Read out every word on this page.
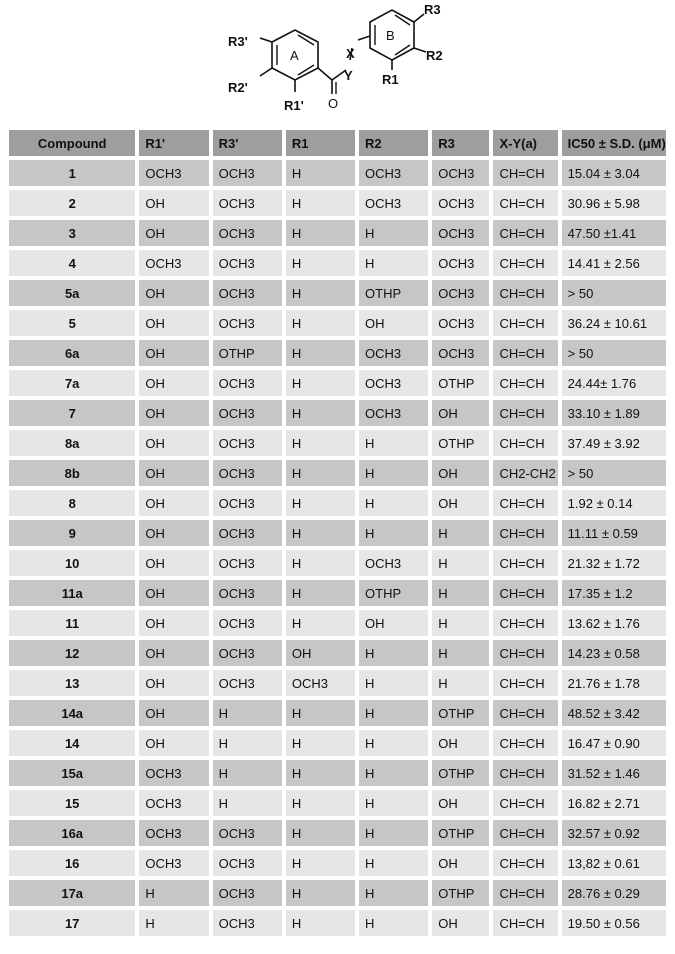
R3'
R2'
R1'
A
B
X
Y
O
R1
R2
R3
Compound	R1'	R3'	R1	R2	R3	X-Y(a)	IC50 ± S.D. (μM)
1	OCH3	OCH3	H	OCH3	OCH3	CH=CH	15.04 ± 3.04
2	OH	OCH3	H	OCH3	OCH3	CH=CH	30.96 ± 5.98
3	OH	OCH3	H	H	OCH3	CH=CH	47.50 ±1.41
4	OCH3	OCH3	H	H	OCH3	CH=CH	14.41 ± 2.56
5a	OH	OCH3	H	OTHP	OCH3	CH=CH	> 50
5	OH	OCH3	H	OH	OCH3	CH=CH	36.24 ± 10.61
6a	OH	OTHP	H	OCH3	OCH3	CH=CH	> 50
7a	OH	OCH3	H	OCH3	OTHP	CH=CH	24.44± 1.76
7	OH	OCH3	H	OCH3	OH	CH=CH	33.10 ± 1.89
8a	OH	OCH3	H	H	OTHP	CH=CH	37.49 ± 3.92
8b	OH	OCH3	H	H	OH	CH2-CH2	> 50
8	OH	OCH3	H	H	OH	CH=CH	1.92 ± 0.14
9	OH	OCH3	H	H	H	CH=CH	11.11 ± 0.59
10	OH	OCH3	H	OCH3	H	CH=CH	21.32 ± 1.72
11a	OH	OCH3	H	OTHP	H	CH=CH	17.35 ± 1.2
11	OH	OCH3	H	OH	H	CH=CH	13.62 ± 1.76
12	OH	OCH3	OH	H	H	CH=CH	14.23 ± 0.58
13	OH	OCH3	OCH3	H	H	CH=CH	21.76 ± 1.78
14a	OH	H	H	H	OTHP	CH=CH	48.52 ± 3.42
14	OH	H	H	H	OH	CH=CH	16.47 ± 0.90
15a	OCH3	H	H	H	OTHP	CH=CH	31.52 ± 1.46
15	OCH3	H	H	H	OH	CH=CH	16.82 ± 2.71
16a	OCH3	OCH3	H	H	OTHP	CH=CH	32.57 ± 0.92
16	OCH3	OCH3	H	H	OH	CH=CH	13,82 ± 0.61
17a	H	OCH3	H	H	OTHP	CH=CH	28.76 ± 0.29
17	H	OCH3	H	H	OH	CH=CH	19.50 ± 0.56
